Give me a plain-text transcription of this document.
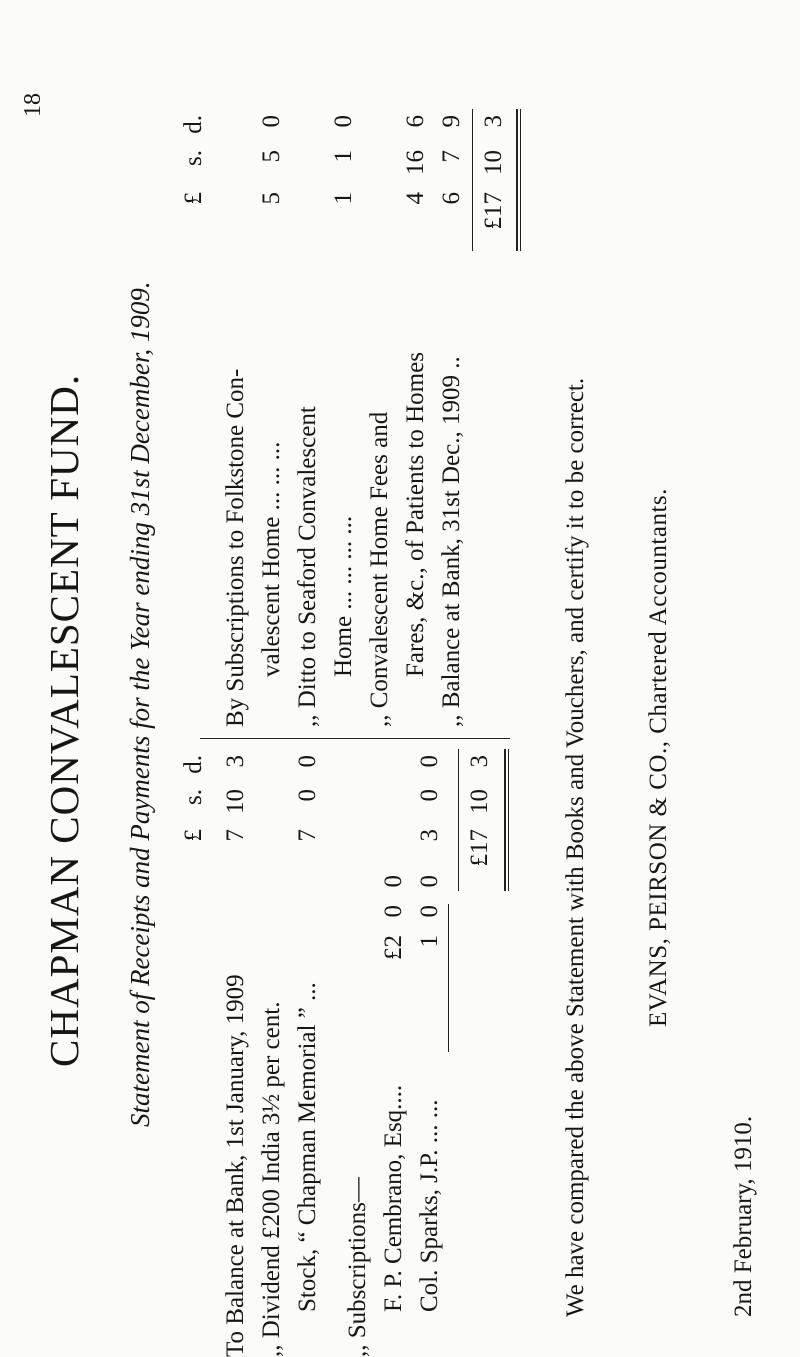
18
CHAPMAN CONVALESCENT FUND. Statement of Receipts and Payments for the Year ending 31st December, 1909.
To Balance at Bank, 1st January, 1909 ,, Dividend £200 India 3½ per cent. Stock, “ Chapman Memorial ” ... ,, Subscriptions— F. P. Cembrano, Esq.... Col. Sparks, J.P. ... ...
£2
0
0
1
0
0
£
s.
d.
7
10
3
7
0
0
3
0
0
£17
10
3
By Subscriptions to Folkstone Con- valescent Home ... ... ... ,, Ditto to Seaford Convalescent Home ... ... ... ... ,, Convalescent Home Fees and Fares, &c., of Patients to Homes ,, Balance at Bank, 31st Dec., 1909 ..
£
s.
d.
5
5
0
1
1
0
4
16
6
6
7
9
£17
10
3
We have compared the above Statement with Books and Vouchers, and certify it to be correct. EVANS, PEIRSON & CO., Chartered Accountants.
2nd February, 1910.
